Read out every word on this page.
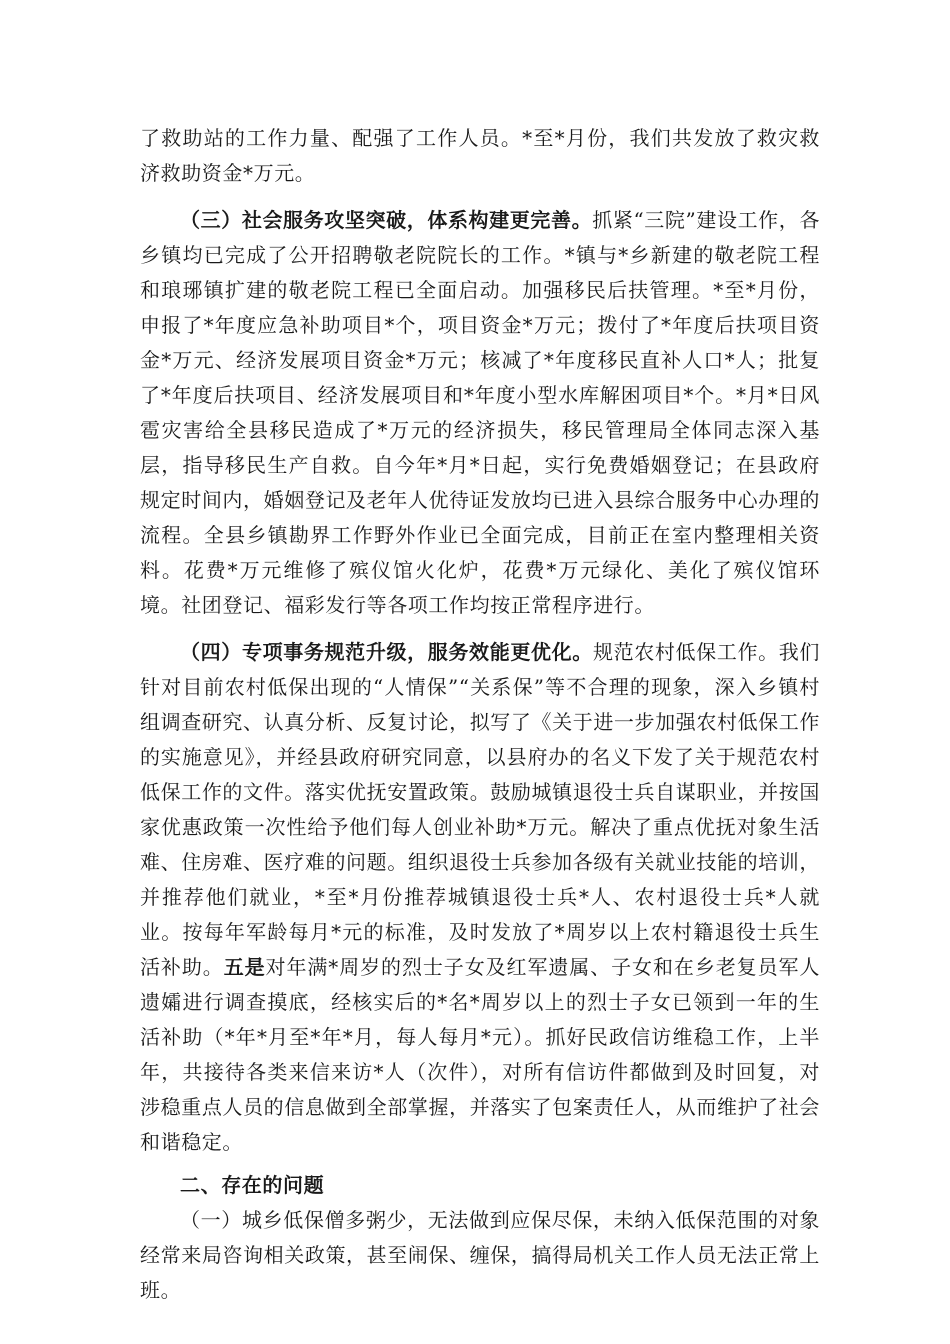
了救助站的工作力量、配强了工作人员。*至*月份，我们共发放了救灾救济救助资金*万元。

（三）社会服务攻坚突破，体系构建更完善。抓紧“三院”建设工作，各乡镇均已完成了公开招聘敬老院院长的工作。*镇与*乡新建的敬老院工程和琅琊镇扩建的敬老院工程已全面启动。加强移民后扶管理。*至*月份，申报了*年度应急补助项目*个，项目资金*万元；拨付了*年度后扶项目资金*万元、经济发展项目资金*万元；核减了*年度移民直补人口*人；批复了*年度后扶项目、经济发展项目和*年度小型水库解困项目*个。*月*日风雹灾害给全县移民造成了*万元的经济损失，移民管理局全体同志深入基层，指导移民生产自救。自今年*月*日起，实行免费婚姻登记；在县政府规定时间内，婚姻登记及老年人优待证发放均已进入县综合服务中心办理的流程。全县乡镇勘界工作野外作业已全面完成，目前正在室内整理相关资料。花费*万元维修了殡仪馆火化炉，花费*万元绿化、美化了殡仪馆环境。社团登记、福彩发行等各项工作均按正常程序进行。

（四）专项事务规范升级，服务效能更优化。规范农村低保工作。我们针对目前农村低保出现的“人情保”“关系保”等不合理的现象，深入乡镇村组调查研究、认真分析、反复讨论，拟写了《关于进一步加强农村低保工作的实施意见》，并经县政府研究同意，以县府办的名义下发了关于规范农村低保工作的文件。落实优抚安置政策。鼓励城镇退役士兵自谋职业，并按国家优惠政策一次性给予他们每人创业补助*万元。解决了重点优抚对象生活难、住房难、医疗难的问题。组织退役士兵参加各级有关就业技能的培训，并推荐他们就业，*至*月份推荐城镇退役士兵*人、农村退役士兵*人就业。按每年军龄每月*元的标准，及时发放了*周岁以上农村籍退役士兵生活补助。五是对年满*周岁的烈士子女及红军遗属、子女和在乡老复员军人遗孀进行调查摸底，经核实后的*名*周岁以上的烈士子女已领到一年的生活补助（*年*月至*年*月，每人每月*元）。抓好民政信访维稳工作，上半年，共接待各类来信来访*人（次件），对所有信访件都做到及时回复，对涉稳重点人员的信息做到全部掌握，并落实了包案责任人，从而维护了社会和谐稳定。

二、存在的问题

（一）城乡低保僧多粥少，无法做到应保尽保，未纳入低保范围的对象经常来局咨询相关政策，甚至闹保、缠保，搞得局机关工作人员无法正常上班。
